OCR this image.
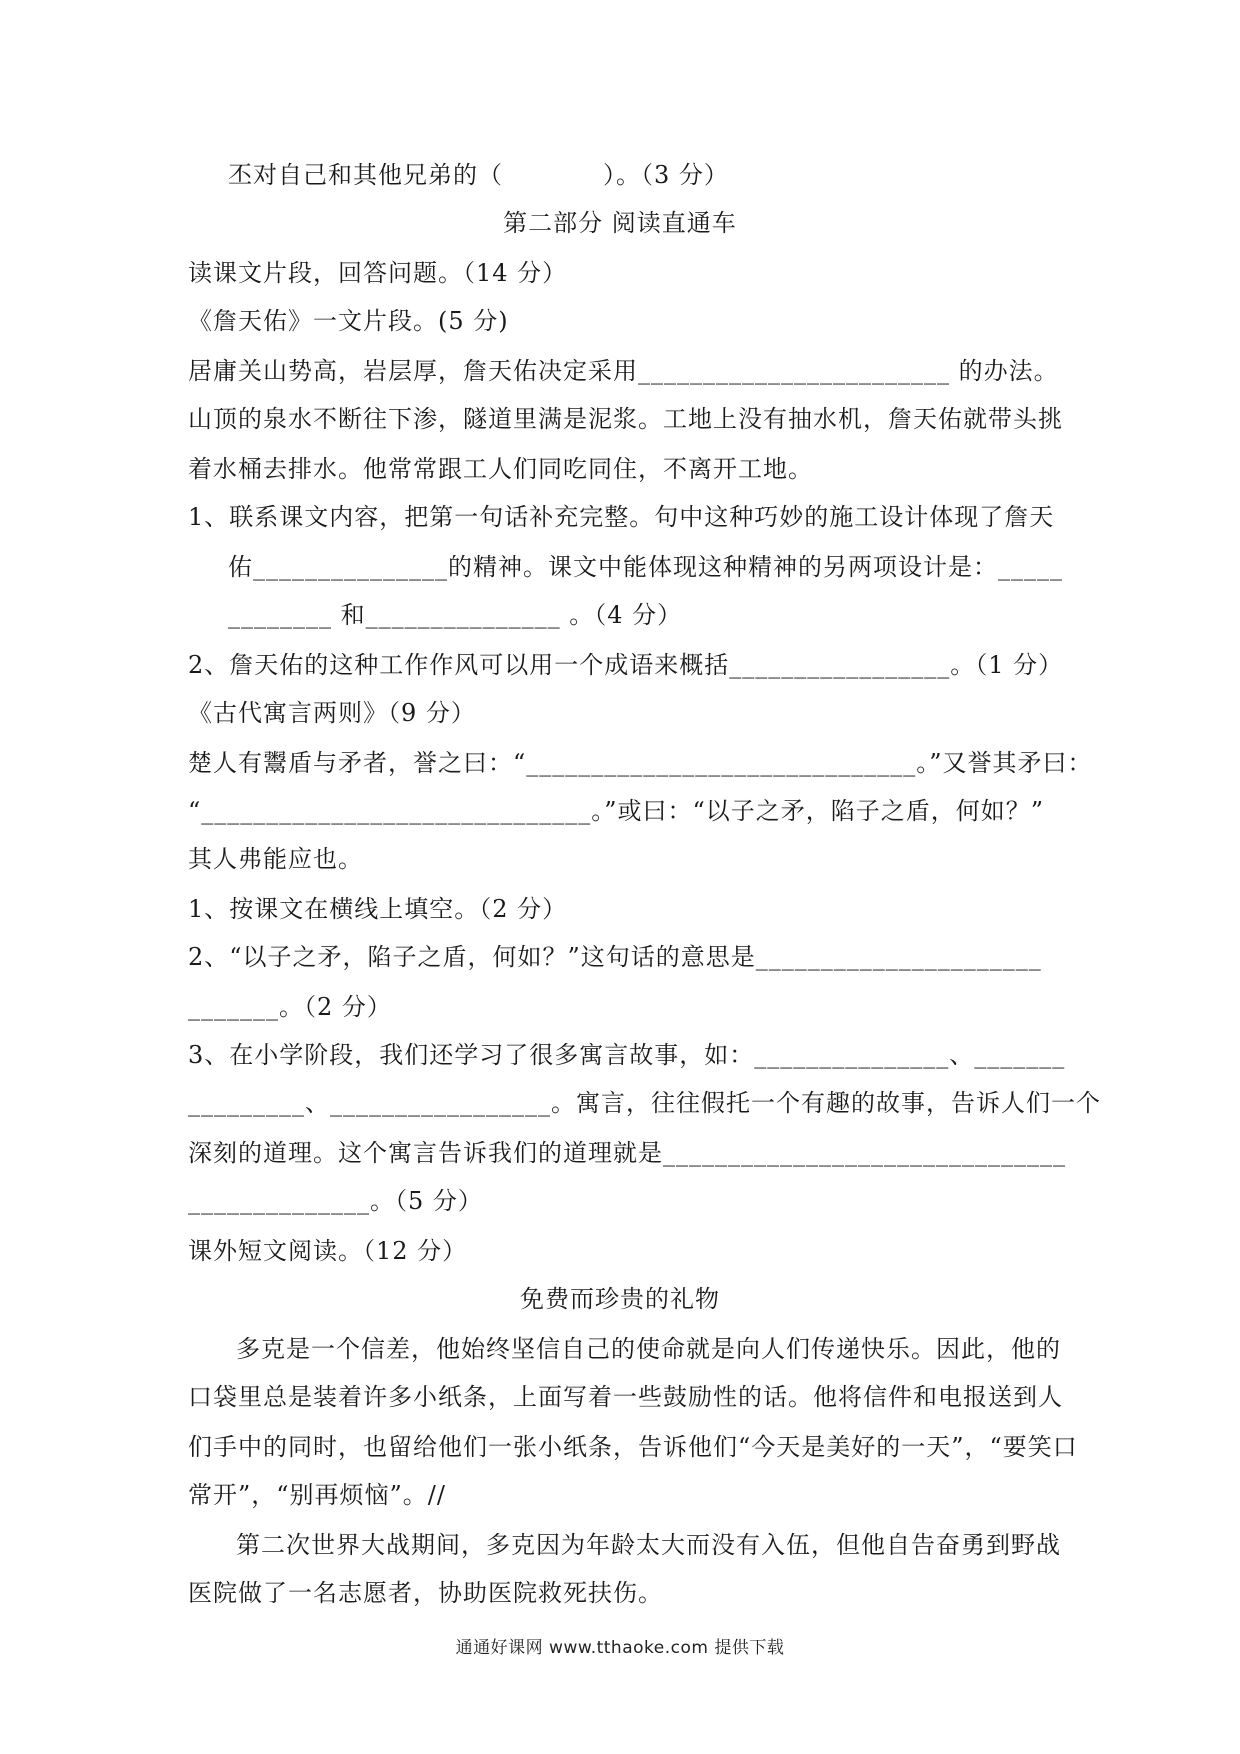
丕对自己和其他兄弟的（　　　　）。（3 分）
第二部分 阅读直通车
读课文片段，回答问题。（14 分）
《詹天佑》一文片段。(5 分)
居庸关山势高，岩层厚，詹天佑决定采用________________________ 的办法。
山顶的泉水不断往下渗，隧道里满是泥浆。工地上没有抽水机，詹天佑就带头挑
着水桶去排水。他常常跟工人们同吃同住，不离开工地。
1、联系课文内容，把第一句话补充完整。句中这种巧妙的施工设计体现了詹天
佑_______________的精神。课文中能体现这种精神的另两项设计是：_____
________ 和_______________ 。（4 分）
2、詹天佑的这种工作作风可以用一个成语来概括_________________。（1 分）
《古代寓言两则》（9 分）
楚人有鬻盾与矛者，誉之曰：“______________________________。”又誉其矛曰：
“______________________________。”或曰：“以子之矛，陷子之盾，何如？”
其人弗能应也。
1、按课文在横线上填空。（2 分）
2、“以子之矛，陷子之盾，何如？”这句话的意思是______________________
_______。（2 分）
3、在小学阶段，我们还学习了很多寓言故事，如：_______________、_______
_________、_________________。寓言，往往假托一个有趣的故事，告诉人们一个
深刻的道理。这个寓言告诉我们的道理就是_______________________________
______________。（5 分）
课外短文阅读。（12 分）
免费而珍贵的礼物
多克是一个信差，他始终坚信自己的使命就是向人们传递快乐。因此，他的
口袋里总是装着许多小纸条，上面写着一些鼓励性的话。他将信件和电报送到人
们手中的同时，也留给他们一张小纸条，告诉他们“今天是美好的一天”，“要笑口
常开”，“别再烦恼”。//
第二次世界大战期间，多克因为年龄太大而没有入伍，但他自告奋勇到野战
医院做了一名志愿者，协助医院救死扶伤。
通通好课网 www.tthaoke.com 提供下载
